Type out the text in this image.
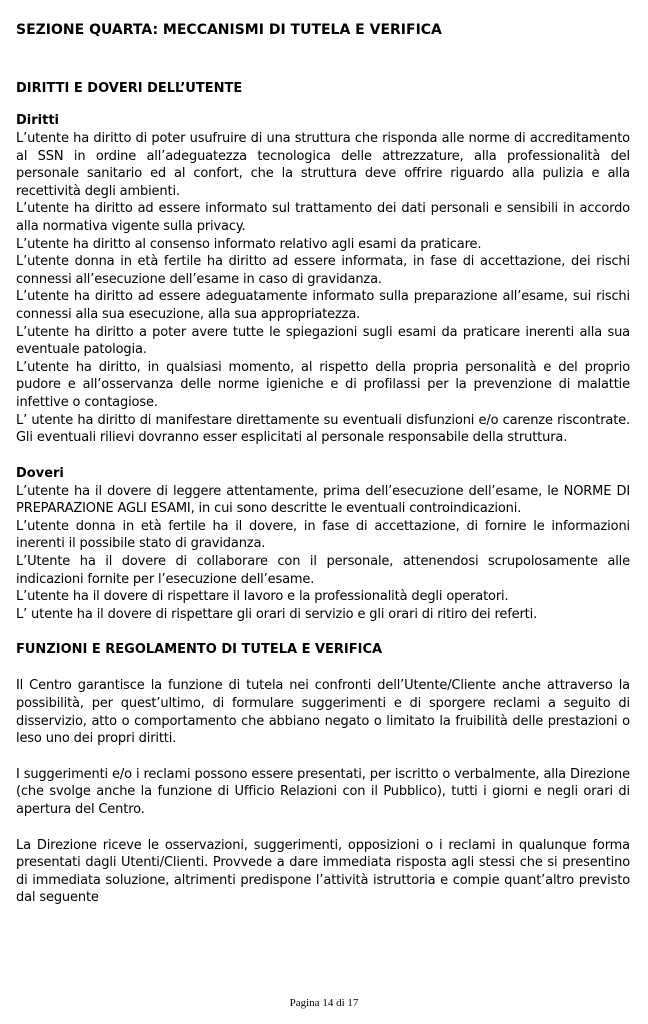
SEZIONE QUARTA: MECCANISMI DI TUTELA E VERIFICA
DIRITTI E DOVERI DELL’UTENTE
Diritti

L’utente ha diritto di poter usufruire di una struttura che risponda alle norme di accreditamento al SSN in ordine all’adeguatezza tecnologica delle attrezzature, alla professionalità del personale sanitario ed al confort, che la struttura deve offrire riguardo alla pulizia e alla recettività degli ambienti.

L’utente ha diritto ad essere informato sul trattamento dei dati personali e sensibili in accordo alla normativa vigente sulla privacy.

L’utente ha diritto al consenso informato relativo agli esami da praticare.

L’utente donna in età fertile ha diritto ad essere informata, in fase di accettazione, dei rischi connessi all’esecuzione dell’esame in caso di gravidanza.

L’utente ha diritto ad essere adeguatamente informato sulla preparazione all’esame, sui rischi connessi alla sua esecuzione, alla sua appropriatezza.

L’utente ha diritto a poter avere tutte le spiegazioni sugli esami da praticare inerenti alla sua eventuale patologia.

L’utente ha diritto, in qualsiasi momento, al rispetto della propria personalità e del proprio pudore e all’osservanza delle norme igieniche e di profilassi per la prevenzione di malattie infettive o contagiose.

L’ utente ha diritto di manifestare direttamente su eventuali disfunzioni e/o carenze riscontrate. Gli eventuali rilievi dovranno esser esplicitati al personale responsabile della struttura.

Doveri

L’utente ha il dovere di leggere attentamente, prima dell’esecuzione dell’esame, le NORME DI PREPARAZIONE AGLI ESAMI, in cui sono descritte le eventuali controindicazioni.

L’utente donna in età fertile ha il dovere, in fase di accettazione, di fornire le informazioni inerenti il possibile stato di gravidanza.

L’Utente ha il dovere di collaborare con il personale, attenendosi scrupolosamente alle indicazioni fornite per l’esecuzione dell’esame.

L’utente ha il dovere di rispettare il lavoro e la professionalità degli operatori.

L’ utente ha il dovere di rispettare gli orari di servizio e gli orari di ritiro dei referti.

FUNZIONI E REGOLAMENTO DI TUTELA E VERIFICA

Il Centro garantisce la funzione di tutela nei confronti dell’Utente/Cliente anche attraverso la possibilità, per quest’ultimo, di formulare suggerimenti e di sporgere reclami a seguito di disservizio, atto o comportamento che abbiano negato o limitato la fruibilità delle prestazioni o leso uno dei propri diritti.

I suggerimenti e/o i reclami possono essere presentati, per iscritto o verbalmente, alla Direzione (che svolge anche la funzione di Ufficio Relazioni con il Pubblico), tutti i giorni e negli orari di apertura del Centro.

La Direzione riceve le osservazioni, suggerimenti, opposizioni o i reclami in qualunque forma presentati dagli Utenti/Clienti. Provvede a dare immediata risposta agli stessi che si presentino di immediata soluzione, altrimenti predispone l’attività istruttoria e compie quant’altro previsto dal seguente

Pagina 14 di 17
